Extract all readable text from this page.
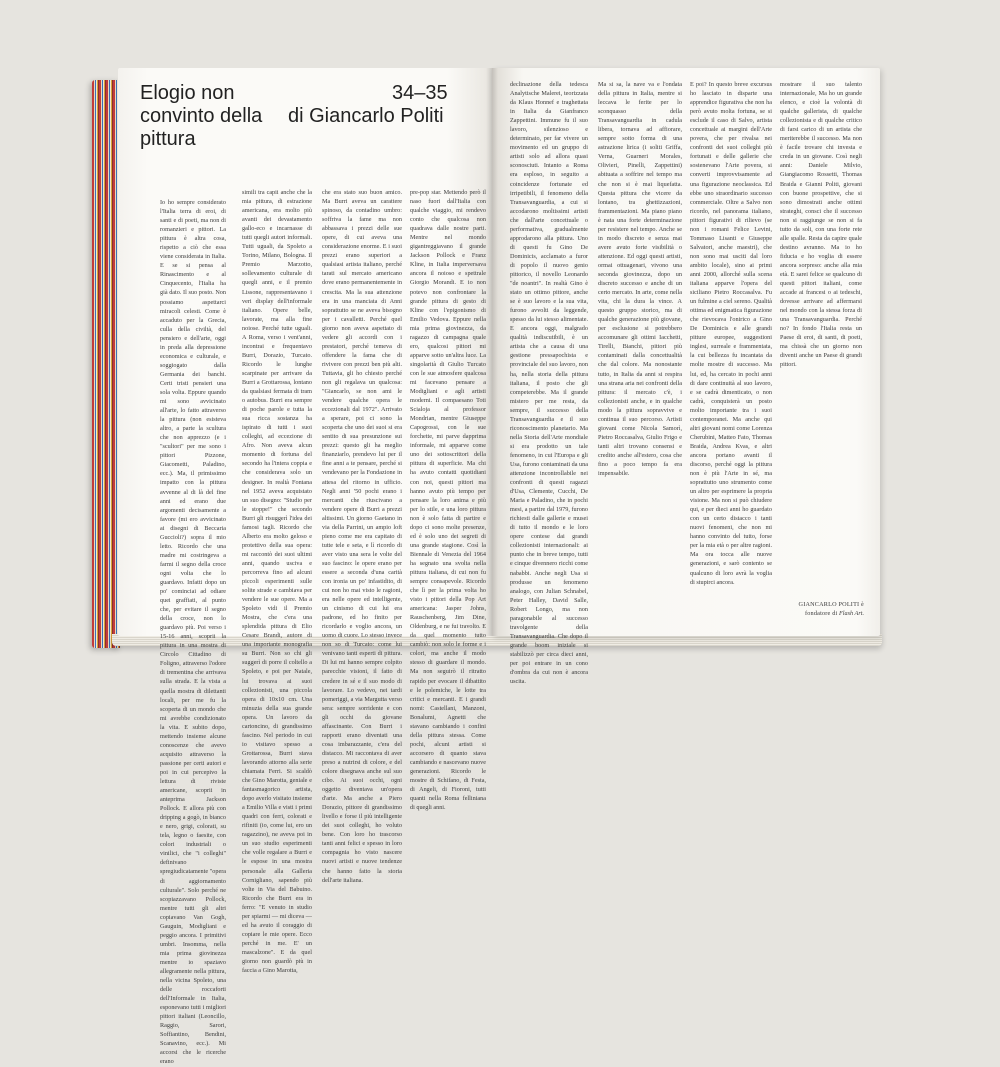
Elogio non
convinto della
pittura
34–35
di Giancarlo Politi

Io ho sempre considerato l'Italia terra di eroi, di santi e di poeti, ma non di romanzieri e pittori. La pittura è altra cosa, rispetto a ciò che essa viene considerata in Italia. E se si pensa al Rinascimento e al Cinquecento, l'Italia ha già dato. Il suo posto. Non possiamo aspettarci miracoli celesti. Come è accaduto per la Grecia, culla della civiltà, del pensiero e dell'arte, oggi in preda alla depressione economica e culturale, e soggiogato dalla Germania dei banchi. Certi tristi pensieri una sola volta. Eppure quando mi sono avvicinato all'arte, lo fatto attraverso la pittura (non esisteva altro, a parte la scultura che non apprezzo (e i "scultori" per me sono i pittori Pizzone, Giacometti, Paladino, ecc.). Ma, il primissimo impatto con la pittura avvenne al di là del fine anni ed erano due argomenti decisamente a favore (mi ero avvicinato ai disegni di Beccaria Guccioli?) sopra il mio letto. Ricordo che una madre mi costringeva a farmi il segno della croce ogni volta che lo guardavo. Infatti dopo un po' cominciai ad odiare quei graffiati, al punto che, per evitare il segno della croce, non lo guardavo più. Poi verso i 15-16 anni, scoprii la pittura in una mostra di Circolo Cittadino di Foligno, attraverso l'odore di trementina che arrivava sulla strada. E la vista a quella mostra di dilettanti locali, per me fu la scoperta di un mondo che mi avrebbe condizionato la vita. E subito dopo, mettendo insieme alcune conoscenze che avevo acquisito attraverso la passione per certi autori e poi in cui percepivo la lettura di riviste americane, scoprii in anteprima Jackson Pollock. E allora più con dripping a gogò, in bianco e nero, grigi, colorati, su tela, legno o faesite, con colori industriali o vinilici, che "i colleghi" definivano spregiudicatamente "opera di aggiornamento culturale". Solo perché ne scopiazzavano Pollock, mentre tutti gli altri copiavano Van Gogh, Gauguin, Modigliani e peggio ancora. I primitivi umbri. Insomma, nella mia prima giovinezza mentre io spaziavo allegramente nella pittura, nella vicina Spoleto, una delle roccaforti dell'Informale in Italia, esponevano tutti i migliori pittori italiani (Leoncillo, Raggio, Sarori, Soffiantino, Bendini, Scanavino, ecc.). Mi accorsi che le ricerche erano

simili tra capii anche che la mia pittura, di estrazione americana, era molto più avanti dei devastamento gallo-eco e incarnasse di tutti quegli autori informali. Tutti uguali, da Spoleto a Torino, Milano, Bologna. Il Premio Marzotto, sollevamento culturale di quegli anni, e il premio Lissone, rappresentavano i veri display dell'informale italiano. Opere belle, lavorate, ma alla fine noiose. Perché tutte uguali. A Roma, verso i vent'anni, incontrai e frequentavo Burri, Dorazio, Turcato. Ricordo le lunghe scarpinate per arrivare da Burri a Grottarossa, lontano da qualsiasi fermata di tram o autobus. Burri era sempre di poche parole e tutta la sua ricca sostanza ha ispirato di tutti i suoi colleghi, ad eccezione di Afro. Non aveva alcun momento di fortuna del secondo ha l'intera coppia e che considerava solo un designer. In realtà Fontana nel 1952 aveva acquistato un suo disegno: "Studio per le stoppe!" che secondo Burri gli risuggerì l'idea dei famosi tagli. Ricordo che Alberto era molto geloso e protettivo della sua opera: mi raccontò dei suoi ultimi anni, quando usciva e percorreva fino ad alcuni piccoli esperimenti sulle solite strade e cambiava per vendere le sue opere. Ma a Spoleto vidi il Premio Mostra, che c'era una splendida pittura di Elio Cesare Brandi, autore di una importante monografia su Burri. Non so chi gli suggerì di porre il coltello a Spoleto, e poi per Natale, lui trovava ai suoi collezionisti, una piccola opera di 10x10 cm. Una minuzia della sua grande opera. Un lavoro da cartoncino, di grandissimo fascino. Nel periodo in cui io visitavo spesso a Grottarossa, Burri stava lavorando attorno alla serie chiamata Ferri. Si scaldò che Gino Marotta, geniale e fantasmagorico artista, dopo averlo visitato insieme a Emilio Villa e visti i primi quadri con ferri, colorati e rifiniti (io, come lui, ero un ragazzino), ne aveva poi in un suo studio esperimenti che volle regalare a Burri e le espose in una mostra personale alla Galleria Cornigliano, sapendo più volte in Via del Babuino. Ricordo che Burri era in ferro: "E venuto in studio per spiarmi — mi diceva — ed ha avuto il coraggio di copiare le mie opere. Ecco perché in me. E' un mascalzone". E da quel giorno non guardò più in faccia a Gino Marotta,

che era stato suo buon amico. Ma Burri aveva un carattere spinoso, da contadino umbro: soffriva la fame ma non abbassava i prezzi delle sue opere, di cui aveva una considerazione enorme. E i suoi prezzi erano superiori a qualsiasi artista italiano, perché tarati sul mercato americano dove erano permanentemente in crescita. Ma la sua attenzione era in una manciata di Anni soprattutto se ne aveva bisogno per i cavalletti. Perché quel giorno non aveva aspettato di vedere gli accordi con i prestatori, perché temeva di offendere la fama che di rivivere con prezzi ben più alti. Tuttavia, gli ho chiesto perché non gli regalava un qualcosa: "Giancarlo, se non ami le vendere qualche opera le eccezionali dal 1972". Arrivato a sperare, poi ci sono la scoperta che uno dei suoi si era sentito di sua presunzione sui prezzi: questo gli ha meglio finanziarlo, prendevo lui per il fine anni a te pensare, perché si vendevano per la Fondazione in attesa del ritorno in ufficio. Negli anni '50 pochi erano i mercanti che riuscivano a vendere opere di Burri a prezzi altissimi. Un giorno Gaetano in via della Parrini, un ampio loft pieno come me era capitato di tutte tele e seta, e lì ricordo di aver visto una sera le volte del suo fascino: le opere erano per essere a seconda d'una carità con ironia un po' infastidito, di cui non ho mai visto le ragioni, era nelle opere ed intelligente, un cinismo di cui lui era padrone, ed ho finito per ricordarlo e voglio ancora, un uomo di cuore. Lo stesso invece non so di Turcato: come lui venivano tanti esperti di pittura. Di lui mi hanno sempre colpito parecchie visioni, il fatto di credere in sé e il suo modo di lavorare. Lo vedevo, nei tardi pomeriggi, a via Margutta verso sera: sempre sorridente e con gli occhi da giovane affascinante. Con Burri i rapporti erano diventati una cosa imbarazzante, c'era del distacco. Mi raccontava di aver preso a nutrirsi di colore, e del colore disegnava anche sul suo cibo. Ai suoi occhi, ogni oggetto diventava un'opera d'arte. Ma anche a Piero Dorazio, pittore di grandissimo livello e forse il più intelligente dei suoi colleghi, ho voluto bene. Con loro ho trascorso tanti anni felici e spesso in loro compagnia ho visto nascere nuovi artisti e nuove tendenze che hanno fatto la storia dell'arte italiana.

pre-pop star. Mettendo però il naso fuori dall'Italia con qualche viaggio, mi rendevo conto che qualcosa non quadrava dalle nostre parti. Mentre nel mondo gigantreggiavano il grande Jackson Pollock e Franz Kline, in Italia imperversava ancora il noioso e spettrale Giorgio Morandi. E io non potevo non confrontare la grande pittura di gesto di Kline con l'epigonismo di Emilio Vedova. Eppure nella mia prima giovinezza, da ragazzo di campagna quale ero, qualcosi pittori mi apparve sotto un'altra luce. La singolarità di Giulio Turcato con le sue atmosfere qualcosa mi facevano pensare a Modigliani e agli artisti moderni. Il compaesano Toti Scialoja al professor Mondrian, mentre Giuseppe Capogrossi, con le sue forchette, mi parve dapprima informale, mi apparve come uno dei sottoscrittori della pittura di superficie. Ma chi ha avuto contatti quotidiani con noi, questi pittori ma hanno avuto più tempo per pensare la loro anima e più per lo stile, e una loro pittura non è solo fatta di partire e dopo ci sono molte presenze, ed è solo uno dei segreti di una grande stagione. Così la Biennale di Venezia del 1964 ha segnato una svolta nella pittura italiana, di cui non fu sempre consapevole. Ricordo che lì per la prima volta ho visto i pittori della Pop Art americana: Jasper Johns, Rauschenberg, Jim Dine, Oldenburg, e ne fui travolto. E da quel momento tutto cambiò: non solo le forme e i colori, ma anche il modo stesso di guardare il mondo. Ma non seguirò il ritratto rapido per evocare il dibattito e le polemiche, le lotte tra critici e mercanti. E i grandi nomi: Castellani, Manzoni, Bonalumi, Agnetti che stavano cambiando i confini della pittura stessa. Come pochi, alcuni artisti si accorsero di quanto stava cambiando e nascevano nuove generazioni. Ricordo le mostre di Schifano, di Festa, di Angeli, di Fioroni, tutti quanti nella Roma felliniana di quegli anni.

declinazione della tedesca Analytische Malerei, teorizzata da Klaus Honnef e traghettata in Italia da Gianfranco Zappettini. Immune fu il suo lavoro, silenzioso e determinato, per far vivere un movimento ed un gruppo di artisti solo ad allora quasi sconosciuti. Intanto a Roma era esploso, in seguito a coincidenze fortunate ed irripetibili, il fenomeno della Transavanguardia, a cui si accodarono moltissimi artisti che dall'arte concettuale o performativa, gradualmente approdarono alla pittura. Uno di questi fu Gino De Dominicis, acclamato a furor di popolo il nuovo genio pittorico, il novello Leonardo "de noantri". In realtà Gino è stato un ottimo pittore, anche se è suo lavoro e la sua vita, furono avvolti da leggende, spesso da lui stesso alimentate. E ancora oggi, malgrado qualità indiscutibili, è un artista che a causa di una gestione pressapochista e provinciale del suo lavoro, non ha, nella storia della pittura italiana, il posto che gli competerebbe. Ma il grande mistero per me resta, da sempre, il successo della Transavanguardia e il suo riconoscimento planetario. Ma nella Storia dell'Arte mondiale si era prodotto un tale fenomeno, in cui l'Europa e gli Usa, furono contaminati da una attenzione incontrollabile nei confronti di questi ragazzi d'Usa, Clemente, Cucchi, De Maria e Paladino, che in pochi mesi, a partire dal 1979, furono richiesti dalle gallerie e musei di tutto il mondo e le loro opere contese dai grandi collezionisti internazionali: ai punto che in breve tempo, tutti e cinque divennero ricchi come nababbi. Anche negli Usa si produsse un fenomeno analogo, con Julian Schnabel, Peter Halley, David Salle, Robert Longo, ma non paragonabile al successo travolgente della Transavanguardia. Che dopo il grande boom iniziale si stabilizzò per circa dieci anni, per poi entrare in un cono d'ombra da cui non è ancora uscita.

Ma si sa, la nave va e l'ondata della pittura in Italia, mentre si leccava le ferite per lo sconquasso della Transavanguardia in cadula libera, tornava ad affiorare, sempre sotto forma di una astrazione lirica (i soliti Griffa, Verna, Guarneri Morales, Olivieri, Pinelli, Zappettini) abituata a soffrire nel tempo ma che non si è mai liquefatta. Questa pittura che vicere da lontano, tra ghettizzazioni, frammentazioni. Ma piano piano è nata una forte determinazione per resistere nel tempo. Anche se in modo discreto e senza mai avere avuto forte visibilità o attenzione. Ed oggi questi artisti, ormai ottuagenari, vivono una seconda giovinezza, dopo un discreto successo e anche di un certo mercato. In arte, come nella vita, chi la dura la vince. A questo gruppo storico, ma di qualche generazione più giovane, per esclusione si potrebbero accomunare gli ottimi Iacchetti, Tirelli, Bianchi, pittori più contaminati dalla concettualità che dal colore. Ma nonostante tutto, in Italia da anni si respira una strana aria nei confronti della pittura: il mercato c'è, i collezionisti anche, e in qualche modo la pittura sopravvive e continua il suo percorso. Artisti giovani come Nicola Samorì, Pietro Roccasalva, Giulio Frigo e tanti altri trovano consensi e credito anche all'estero, cosa che fino a poco tempo fa era impensabile.

E poi? In questo breve excursus ho lasciato in disparte una apprendice figurativa che non ha però avuto molta fortuna, se si esclude il caso di Salvo, artista concettuale ai margini dell'Arte povera, che per rivalsa nei confronti dei suoi colleghi più fortunati e delle gallerie che sostenevano l'Arte povera, si converti improvvisamente ad una figurazione neoclassica. Ed ebbe uno straordinario successo commerciale. Oltre a Salvo non ricordo, nel panorama italiano, pittori figurativi di rilievo (se non i romani Felice Levini, Tommaso Lisanti e Giuseppe Salvatori, anche maestri), che non sono mai usciti dal loro ambito locale), sino ai primi anni 2000, allorché sulla scena italiana apparve l'opera del siciliano Pietro Roccasalva. Fu un fulmine a ciel sereno. Qualità ottima ed enigmatica figurazione che rievocava l'onirico a Gino De Dominicis e alle grandi pitture europee, suggestioni inglesi, surreale e frammentata, la cui bellezza fu incantata da molte mostre di successo. Ma lui, ed, ha cercato in pochi anni di dare continuità al suo lavoro, e se cadrà dimenticato, o non cadrà, conquisterà un posto molto importante tra i suoi contemporanei. Ma anche qui altri giovani nomi come Lorenza Cherubini, Matteo Fato, Thomas Braida, Andrea Kvas, e altri ancora portano avanti il discorso, perché oggi la pittura non è più l'Arte in sé, ma soprattutto uno strumento come un altro per esprimere la propria visione. Ma non si può chiudere qui, e per dieci anni ho guardato con un certo distacco i tanti nuovi fenomeni, che non mi hanno convinto del tutto, forse per la mia età o per altre ragioni. Ma ora tocca alle nuove generazioni, e sarò contento se qualcuno di loro avrà la voglia di stupirci ancora.

mostrare il suo talento internazionale, Ma ho un grande elenco, e cioè la volontà di qualche gallerista, di qualche collezionista e di qualche critico di farsi carico di un artista che meriterebbe il successo. Ma non è facile trovare chi investa e creda in un giovane. Così negli anni: Daniele Milvio, Giangiacomo Rossetti, Thomas Braida e Gianni Politi, giovani con buone prospettive, che si sono dimostrati anche ottimi strateghi, consci che il successo non si raggiunge se non si fa tutto da soli, con una forte rete alle spalle. Resta da capire quale destino avranno. Ma io ho fiducia e ho voglia di essere ancora sorpreso: anche alla mia età. E sarei felice se qualcuno di questi pittori italiani, come accade ai francesi o ai tedeschi, dovesse arrivare ad affermarsi nel mondo con la stessa forza di una Transavanguardia. Perché no? In fondo l'Italia resta un Paese di eroi, di santi, di poeti, ma chissà che un giorno non diventi anche un Paese di grandi pittori.

GIANCARLO POLITI è fondatore di Flash Art.
